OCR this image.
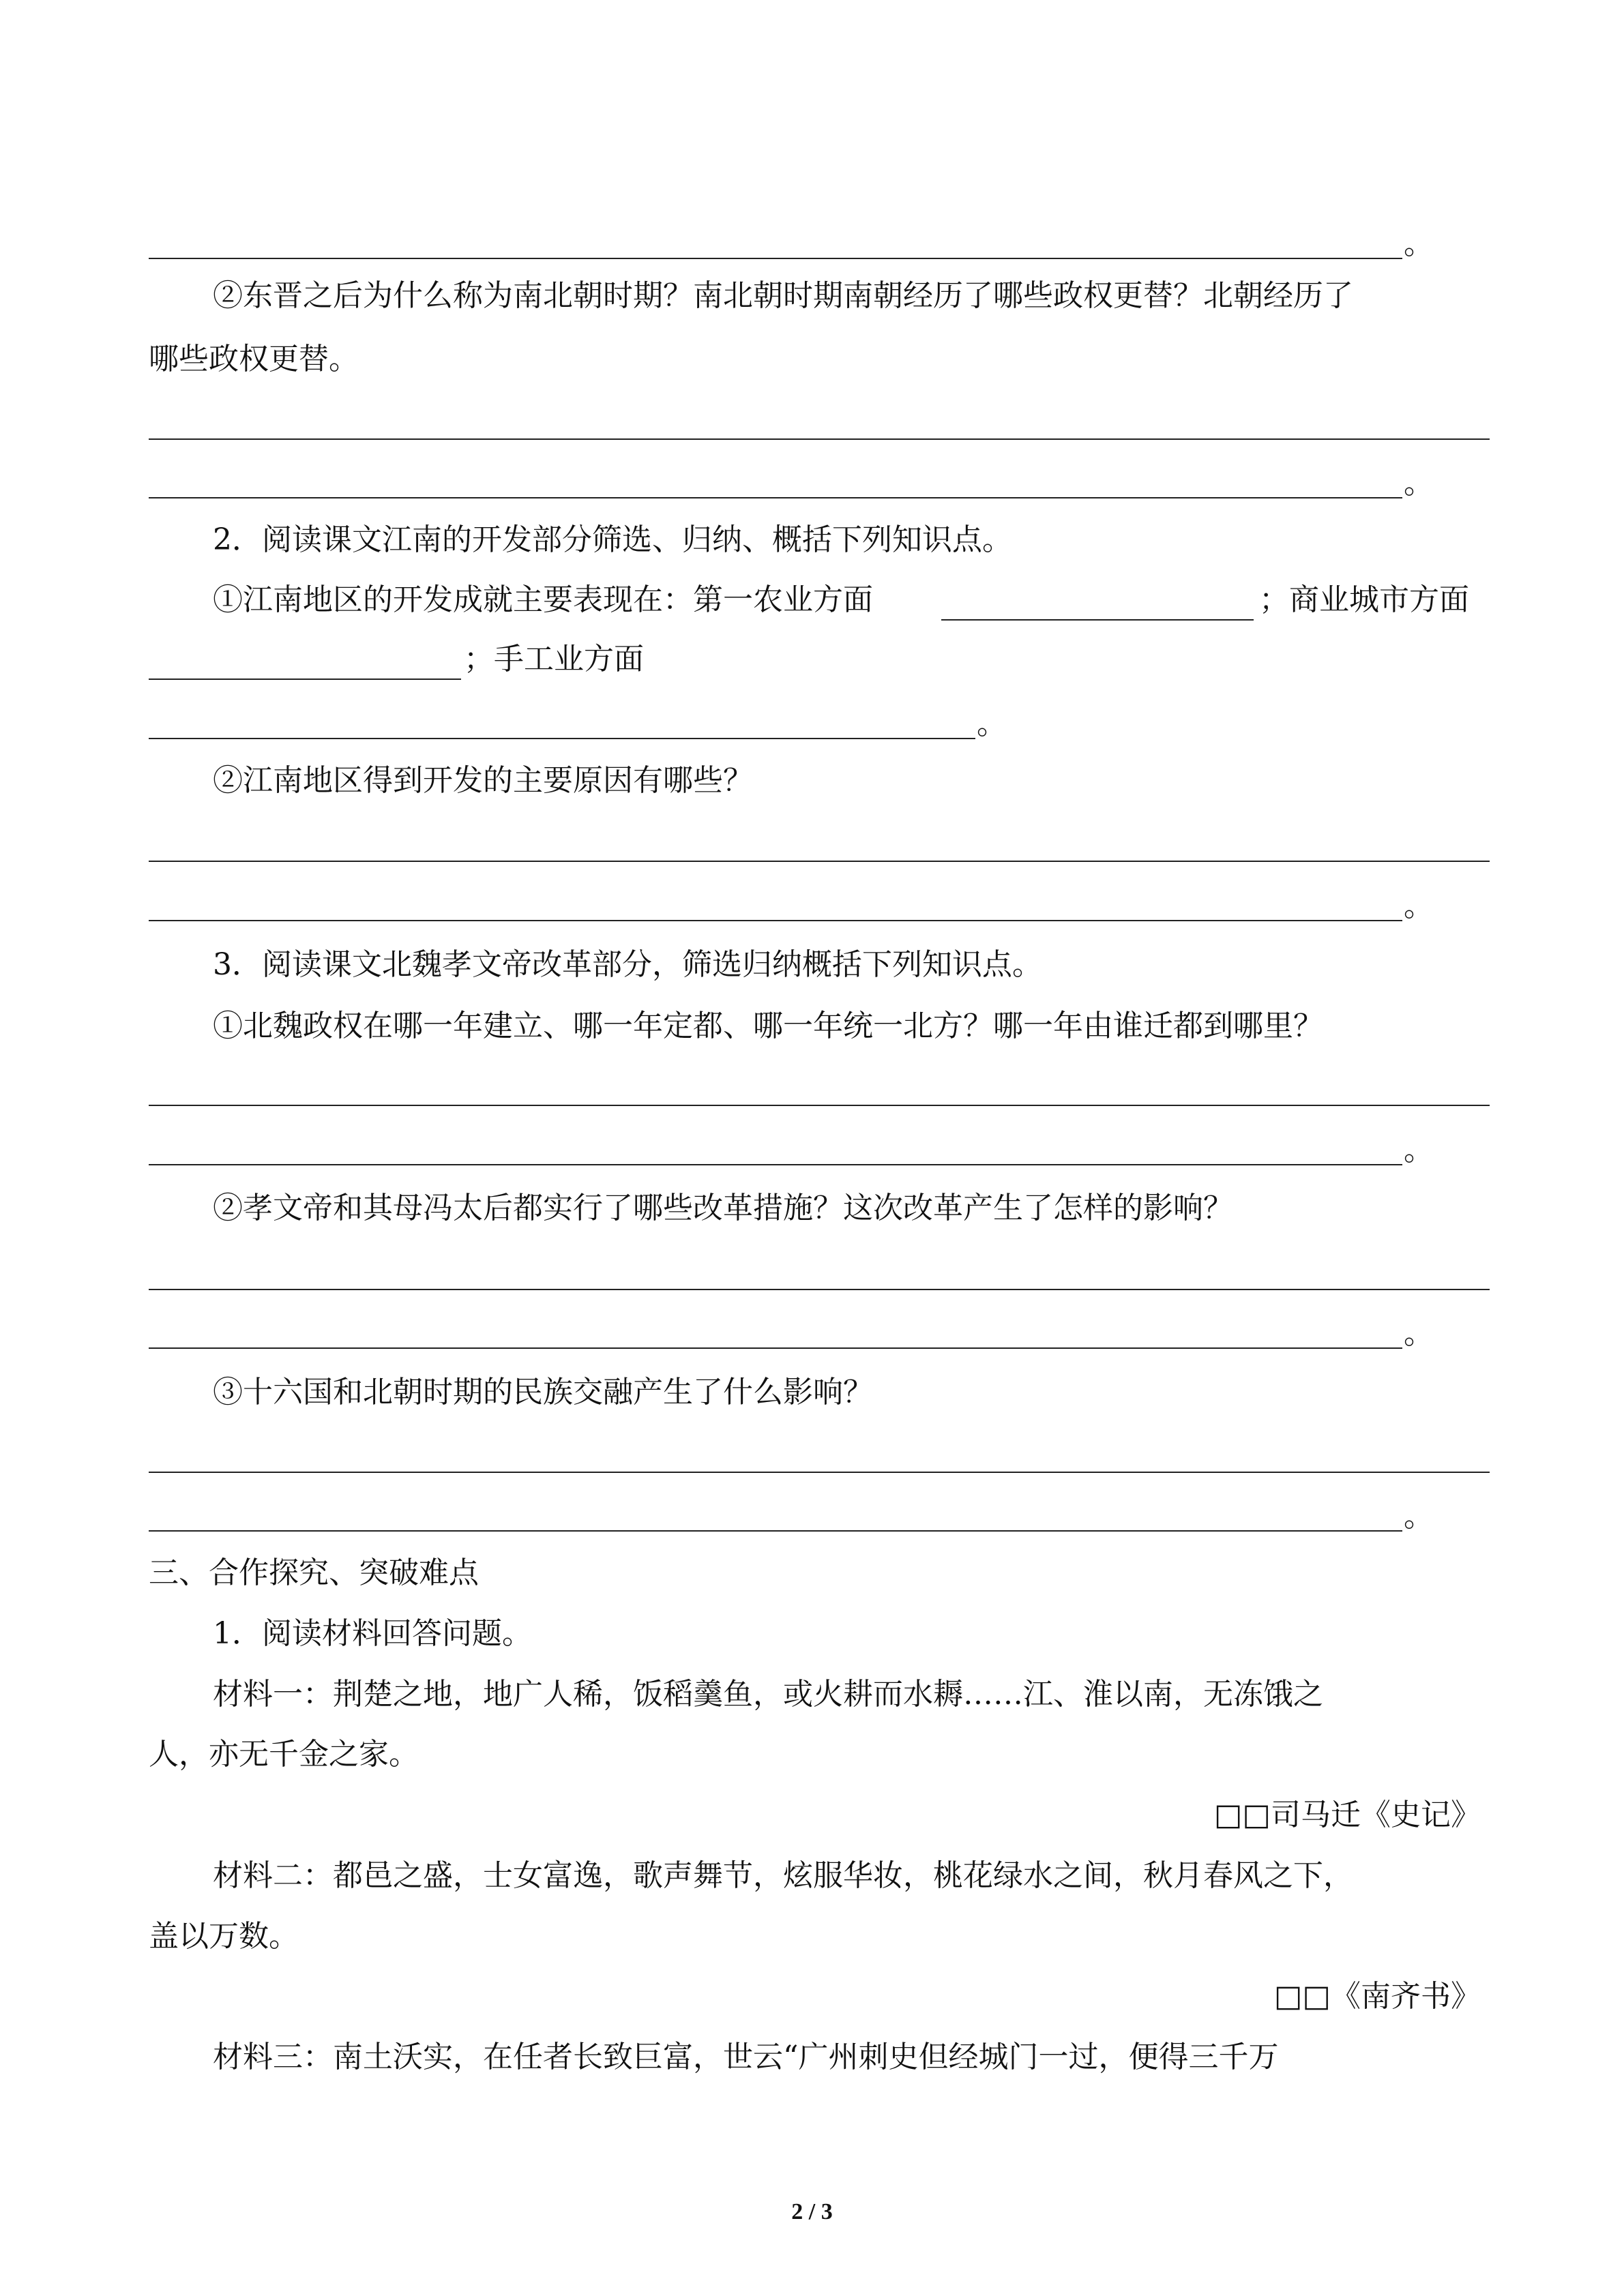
。
②东晋之后为什么称为南北朝时期？南北朝时期南朝经历了哪些政权更替？北朝经历了
哪些政权更替。
。
2．阅读课文江南的开发部分筛选、归纳、概括下列知识点。
①江南地区的开发成就主要表现在：第一农业方面	；商业城市方面
；手工业方面
。
②江南地区得到开发的主要原因有哪些？
。
3．阅读课文北魏孝文帝改革部分，筛选归纳概括下列知识点。
①北魏政权在哪一年建立、哪一年定都、哪一年统一北方？哪一年由谁迁都到哪里？
。
②孝文帝和其母冯太后都实行了哪些改革措施？这次改革产生了怎样的影响？
。
③十六国和北朝时期的民族交融产生了什么影响？
。
三、合作探究、突破难点
1．阅读材料回答问题。
材料一：荆楚之地，地广人稀，饭稻羹鱼，或火耕而水耨……江、淮以南，无冻饿之
人，亦无千金之家。
□□司马迁《史记》
材料二：都邑之盛，士女富逸，歌声舞节，炫服华妆，桃花绿水之间，秋月春风之下，
盖以万数。
□□《南齐书》
材料三：南土沃实，在任者长致巨富，世云“广州刺史但经城门一过，便得三千万
2 / 3
